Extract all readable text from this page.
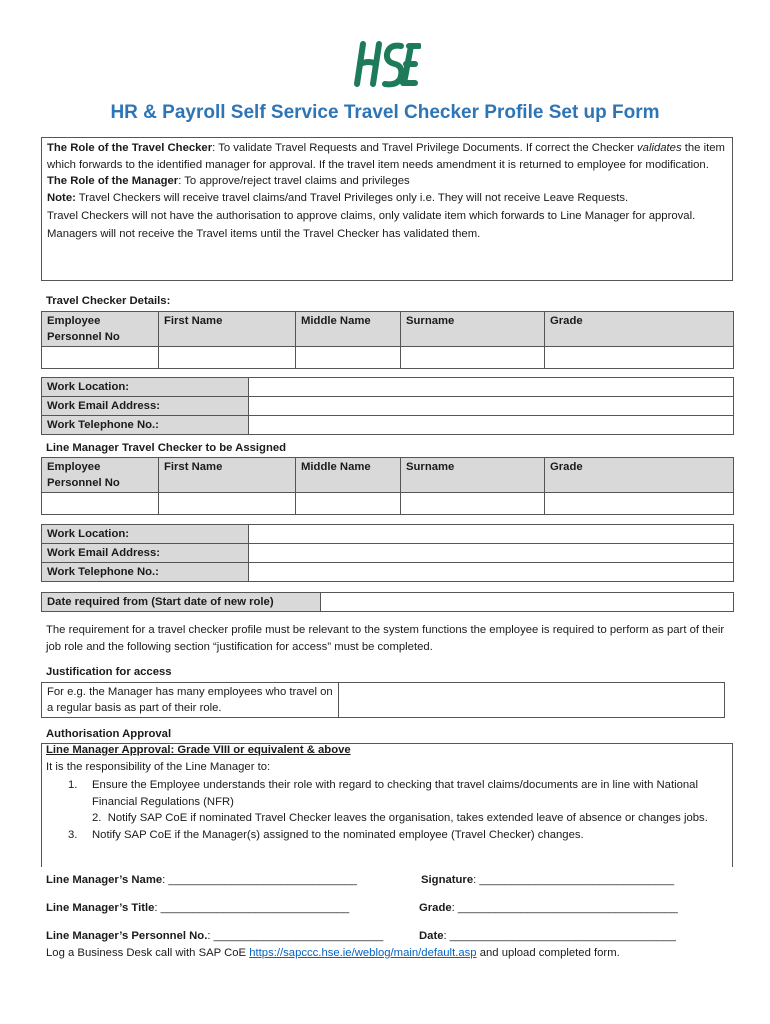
HR & Payroll Self Service Travel Checker Profile Set up Form

The Role of the Travel Checker: To validate Travel Requests and Travel Privilege Documents. If correct the Checker validates the item which forwards to the identified manager for approval. If the travel item needs amendment it is returned to employee for modification.

The Role of the Manager: To approve/reject travel claims and privileges

Note: Travel Checkers will receive travel claims/and Travel Privileges only i.e. They will not receive Leave Requests.

Travel Checkers will not have the authorisation to approve claims, only validate item which forwards to Line Manager for approval. Managers will not receive the Travel items until the Travel Checker has validated them.

Travel Checker Details:
Employee Personnel No	First Name	Middle Name	Surname	Grade

Work Location:	
Work Email Address:	
Work Telephone No.:	
Line Manager Travel Checker to be Assigned
Employee Personnel No	First Name	Middle Name	Surname	Grade

Work Location:	
Work Email Address:	
Work Telephone No.:	
Date required from (Start date of new role)	
The requirement for a travel checker profile must be relevant to the system functions the employee is required to perform as part of their job role and the following section “justification for access” must be completed.
Justification for access
For e.g. the Manager has many employees who travel on a regular basis as part of their role.	
Authorisation Approval
Line Manager Approval: Grade VIII or equivalent & above
It is the responsibility of the Line Manager to:
1. Ensure the Employee understands their role with regard to checking that travel claims/documents are in line with National Financial Regulations (NFR)
2. Notify SAP CoE if nominated Travel Checker leaves the organisation, takes extended leave of absence or changes jobs.
3. Notify SAP CoE if the Manager(s) assigned to the nominated employee (Travel Checker) changes.
Line Manager’s Name: ______________________________	Signature: _______________________________
Line Manager’s Title: ______________________________	Grade: ___________________________________
Line Manager’s Personnel No.: ___________________________	Date: ____________________________________
Log a Business Desk call with SAP CoE https://sapccc.hse.ie/weblog/main/default.asp and upload completed form.
